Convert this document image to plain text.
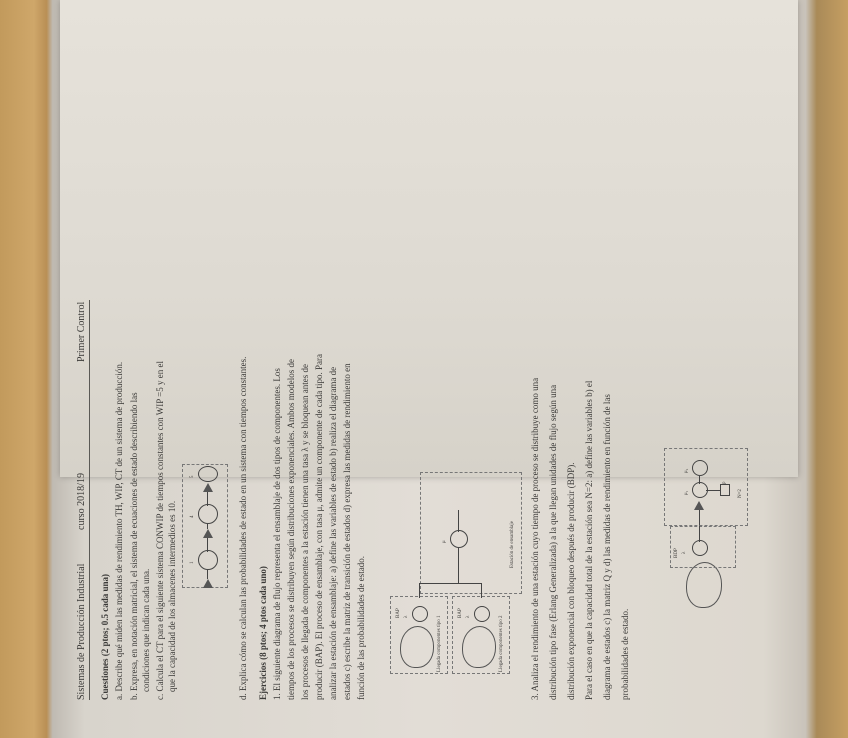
Sistemas de Producción Industrial
curso 2018/19
Primer Control
Cuestiones (2 ptos; 0.5 cada una) a. Describe qué miden las medidas de rendimiento TH, WIP, CT de un sistema de producción. b. Expresa, en notación matricial, el sistema de ecuaciones de estado describiendo las condiciones que indican cada una. c. Calcula el CT para el siguiente sistema CONWIP de tiempos constantes con WIP =5 y en el que la capacidad de los almacenes intermedios es 10.	1
4
5	d. Explica cómo se calculan las probabilidades de estado en un sistema con tiempos constantes. Ejercicios (8 ptos; 4 ptos cada uno) 1. El siguiente diagrama de flujo representa el ensamblaje de dos tipos de componentes. Los tiempos de los procesos se distribuyen según distribuciones exponenciales. Ambos modelos de los procesos de llegada de componentes a la estación tienen una tasa λ y se bloquean antes de producir (BAP). El proceso de ensamblaje, con tasa μ, admite un componente de cada tipo. Para analizar la estación de ensamblaje: a) define las variables de estado b) realiza el diagrama de estados c) escribe la matriz de transición de estados d) expresa las medidas de rendimiento en función de las probabilidades de estado.	BAP λ	Llegada componentes tipo 1
BAP λ	Llegada componentes tipo 2
μ	Estación de ensamblaje 3. Analiza el rendimiento de una estación cuyo tiempo de proceso se distribuye como una distribución tipo fase (Erlang Generalizada) a la que llegan unidades de flujo según una distribución exponencial con bloqueo después de producir (BDP). Para el caso en que la capacidad total de la estación sea N=2: a) define las variables b) el diagrama de estados c) la matriz Q y d) las medidas de rendimiento en función de las probabilidades de estado.
BDP λ
μ₁
μ₂
p
N=2
